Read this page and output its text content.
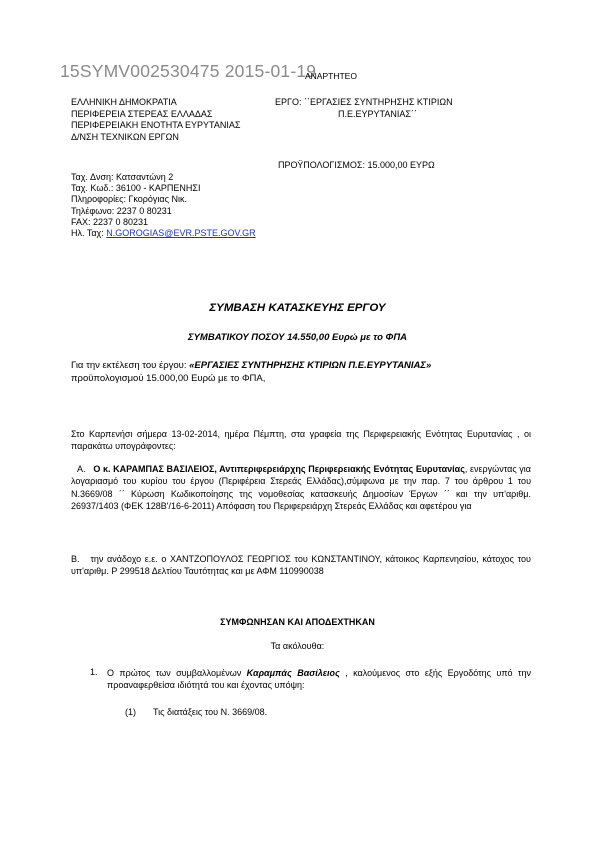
15SYMV002530475 2015-01-19
ΑΝΑΡΤΗΤΕΟ
ΕΛΛΗΝΙΚΗ ΔΗΜΟΚΡΑΤΙΑ
ΠΕΡΙΦΕΡΕΙΑ ΣΤΕΡΕΑΣ ΕΛΛΑΔΑΣ
ΠΕΡΙΦΕΡΕΙΑΚΗ ΕΝΟΤΗΤΑ ΕΥΡΥΤΑΝΙΑΣ
Δ/ΝΣΗ ΤΕΧΝΙΚΩΝ ΕΡΓΩΝ
ΕΡΓΟ: ΄΄ΕΡΓΑΣΙΕΣ ΣΥΝΤΗΡΗΣΗΣ ΚΤΙΡΙΩΝ
Π.Ε.ΕΥΡΥΤΑΝΙΑΣ΄΄
ΠΡΟΫΠΟΛΟΓΙΣΜΟΣ: 15.000,00 ΕΥΡΩ
Ταχ. Δνση: Κατσαντώνη 2
Ταχ. Κωδ.: 36100 - ΚΑΡΠΕΝΗΣΙ
Πληροφορίες: Γκορόγιας Νικ.
Τηλέφωνο: 2237 0 80231
FAX: 2237 0 80231
Ηλ. Ταχ: N.GOROGIAS@EVR.PSTE.GOV.GR
ΣΥΜΒΑΣΗ ΚΑΤΑΣΚΕΥΗΣ ΕΡΓΟΥ
ΣΥΜΒΑΤΙΚΟΥ ΠΟΣΟΥ 14.550,00 Ευρώ με το ΦΠΑ
Για την εκτέλεση του έργου: «ΕΡΓΑΣΙΕΣ ΣΥΝΤΗΡΗΣΗΣ ΚΤΙΡΙΩΝ Π.Ε.ΕΥΡΥΤΑΝΙΑΣ» προϋπολογισμού 15.000,00 Ευρώ με το ΦΠΑ,
Στο Καρπενήσι σήμερα 13-02-2014, ημέρα Πέμπτη, στα γραφεία της Περιφερειακής Ενότητας Ευρυτανίας , οι παρακάτω υπογράφοντες:
Α. Ο κ. ΚΑΡΑΜΠΑΣ ΒΑΣΙΛΕΙΟΣ, Αντιπεριφερειάρχης Περιφερειακής Ενότητας Ευρυτανίας, ενεργώντας για λογαριασμό του κυρίου του έργου (Περιφέρεια Στερεάς Ελλάδας),σύμφωνα με την παρ. 7 του άρθρου 1 του Ν.3669/08 ΄΄ Κύρωση Κωδικοποίησης της νομοθεσίας κατασκευής Δημοσίων Έργων ΄΄ και την υπ'αριθμ. 26937/1403 (ΦΕΚ 128Β'/16-6-2011) Απόφαση του Περιφερειάρχη Στερεάς Ελλάδας και αφετέρου για
Β. την ανάδοχο ε.ε. ο ΧΑΝΤΖΟΠΟΥΛΟΣ ΓΕΩΡΓΙΟΣ του ΚΩΝΣΤΑΝΤΙΝΟΥ, κάτοικος Καρπενησίου, κάτοχος του υπ'αριθμ. Ρ 299518 Δελτίου Ταυτότητας και με ΑΦΜ 110990038
ΣΥΜΦΩΝΗΣΑΝ ΚΑΙ ΑΠΟΔΕΧΤΗΚΑΝ
Τα ακόλουθα:
1. Ο πρώτος των συμβαλλομένων Καραμπάς Βασίλειος , καλούμενος στο εξής Εργοδότης υπό την προαναφερθείσα ιδιότητά του και έχοντας υπόψη:
(1) Τις διατάξεις του Ν. 3669/08.
